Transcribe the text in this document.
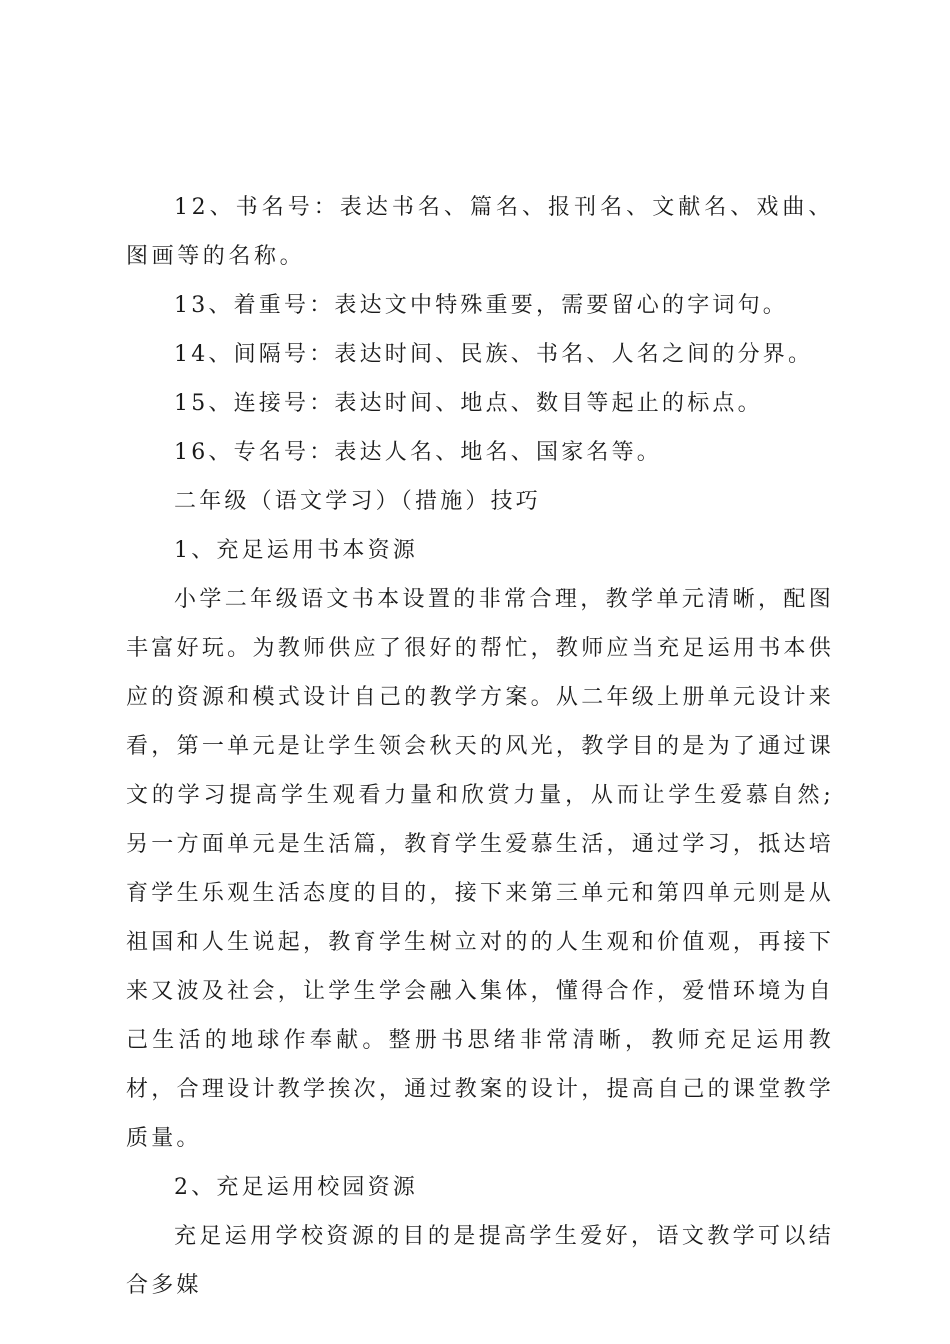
12、书名号：表达书名、篇名、报刊名、文献名、戏曲、图画等的名称。

13、着重号：表达文中特殊重要，需要留心的字词句。

14、间隔号：表达时间、民族、书名、人名之间的分界。

15、连接号：表达时间、地点、数目等起止的标点。

16、专名号：表达人名、地名、国家名等。

二年级（语文学习）（措施）技巧

1、充足运用书本资源

小学二年级语文书本设置的非常合理，教学单元清晰，配图丰富好玩。为教师供应了很好的帮忙，教师应当充足运用书本供应的资源和模式设计自己的教学方案。从二年级上册单元设计来看，第一单元是让学生领会秋天的风光，教学目的是为了通过课文的学习提高学生观看力量和欣赏力量，从而让学生爱慕自然;另一方面单元是生活篇，教育学生爱慕生活，通过学习，抵达培育学生乐观生活态度的目的，接下来第三单元和第四单元则是从祖国和人生说起，教育学生树立对的的人生观和价值观，再接下来又波及社会，让学生学会融入集体，懂得合作，爱惜环境为自己生活的地球作奉献。整册书思绪非常清晰，教师充足运用教材，合理设计教学挨次，通过教案的设计，提高自己的课堂教学质量。

2、充足运用校园资源

充足运用学校资源的目的是提高学生爱好，语文教学可以结合多媒
